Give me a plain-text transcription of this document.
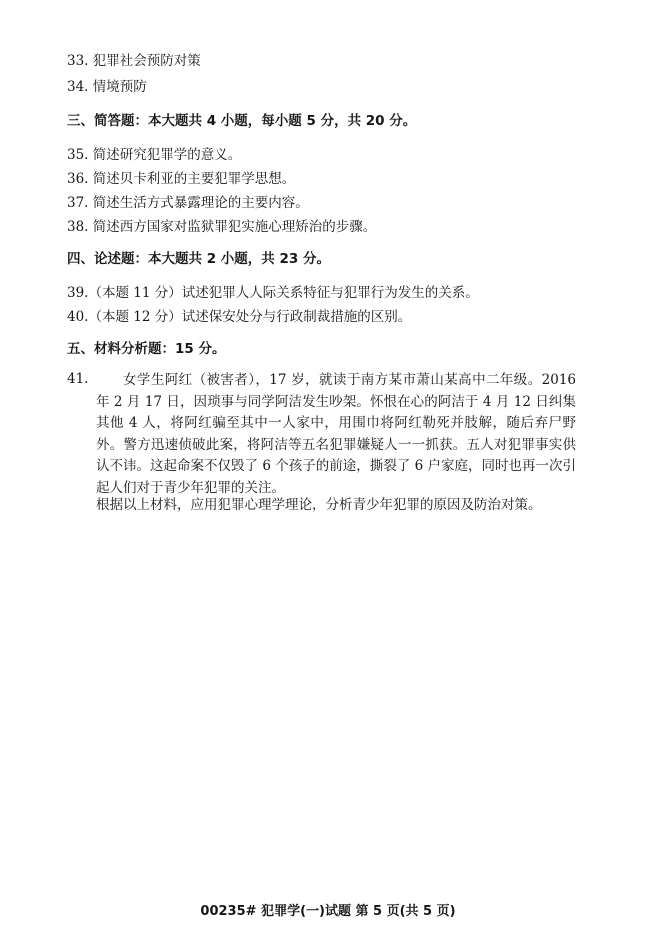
33. 犯罪社会预防对策
34. 情境预防
三、简答题：本大题共 4 小题，每小题 5 分，共 20 分。
35. 简述研究犯罪学的意义。
36. 简述贝卡利亚的主要犯罪学思想。
37. 简述生活方式暴露理论的主要内容。
38. 简述西方国家对监狱罪犯实施心理矫治的步骤。
四、论述题：本大题共 2 小题，共 23 分。
39.（本题 11 分）试述犯罪人人际关系特征与犯罪行为发生的关系。
40.（本题 12 分）试述保安处分与行政制裁措施的区别。
五、材料分析题：15 分。
41.	女学生阿红（被害者），17 岁，就读于南方某市萧山某高中二年级。2016 年 2 月 17 日，因琐事与同学阿洁发生吵架。怀恨在心的阿洁于 4 月 12 日纠集其他 4 人，将阿红骗至其中一人家中，用围巾将阿红勒死并肢解，随后弃尸野外。警方迅速侦破此案，将阿洁等五名犯罪嫌疑人一一抓获。五人对犯罪事实供认不讳。这起命案不仅毁了 6 个孩子的前途，撕裂了 6 户家庭，同时也再一次引起人们对于青少年犯罪的关注。
根据以上材料，应用犯罪心理学理论，分析青少年犯罪的原因及防治对策。
00235# 犯罪学(一)试题 第 5 页(共 5 页)
